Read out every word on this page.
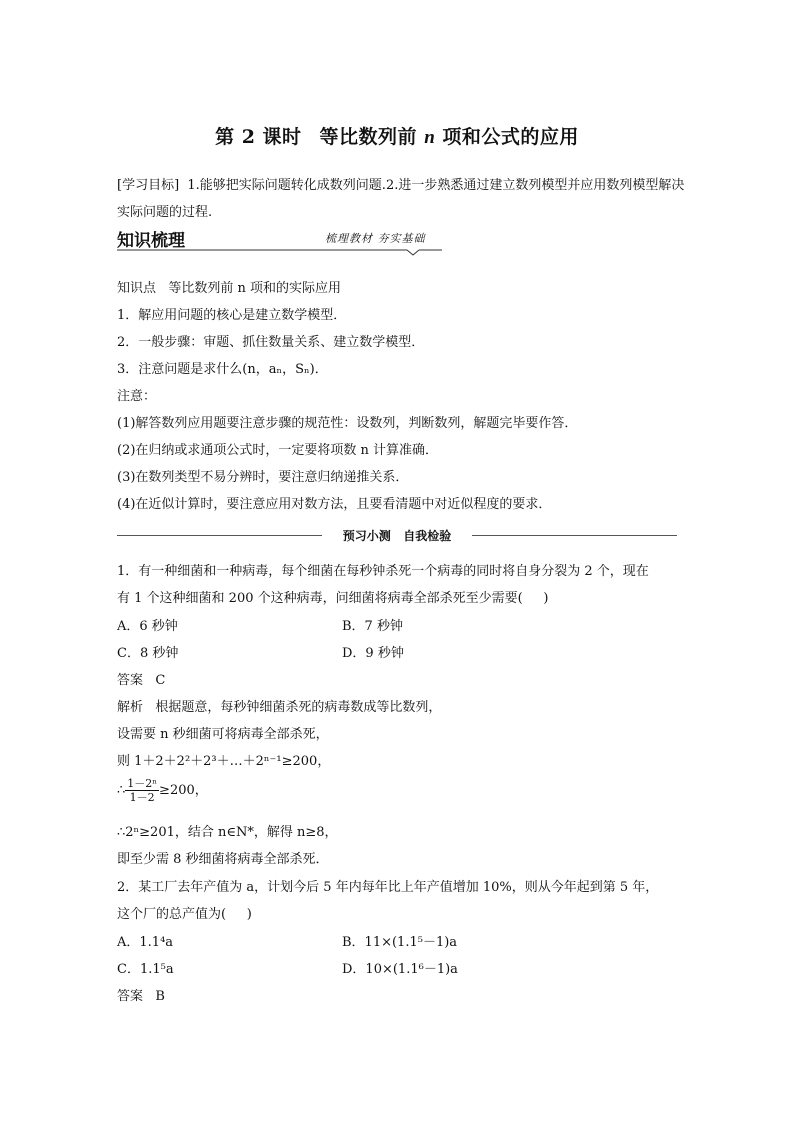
第 2 课时 等比数列前 n 项和公式的应用
[学习目标]  1.能够把实际问题转化成数列问题.2.进一步熟悉通过建立数列模型并应用数列模型解决实际问题的过程.
知识梳理	梳理教材 夯实基础
知识点   等比数列前 n 项和的实际应用
1．解应用问题的核心是建立数学模型．
2．一般步骤：审题、抓住数量关系、建立数学模型．
3．注意问题是求什么(n，aₙ，Sₙ)．
注意：
(1)解答数列应用题要注意步骤的规范性：设数列，判断数列，解题完毕要作答．
(2)在归纳或求通项公式时，一定要将项数 n 计算准确．
(3)在数列类型不易分辨时，要注意归纳递推关系．
(4)在近似计算时，要注意应用对数方法，且要看清题中对近似程度的要求．
预习小测   自我检验
1．有一种细菌和一种病毒，每个细菌在每秒钟杀死一个病毒的同时将自身分裂为 2 个，现在
有 1 个这种细菌和 200 个这种病毒，问细菌将病毒全部杀死至少需要(     )
A．6 秒钟	B．7 秒钟
C．8 秒钟	D．9 秒钟
答案   C
解析   根据题意，每秒钟细菌杀死的病毒数成等比数列，
设需要 n 秒细菌可将病毒全部杀死，
则 1＋2＋2²＋2³＋…＋2ⁿ⁻¹≥200，
∴ $\frac{\text{1－2ⁿ}}{1-2} \ge 200$，
∴2ⁿ≥201，结合 n∈N*，解得 n≥8，
即至少需 8 秒细菌将病毒全部杀死．
2．某工厂去年产值为 a，计划今后 5 年内每年比上年产值增加 10%，则从今年起到第 5 年，
这个厂的总产值为(     )
A．1.1⁴a	B．11×(1.1⁵－1)a
C．1.1⁵a	D．10×(1.1⁶－1)a
答案   B
